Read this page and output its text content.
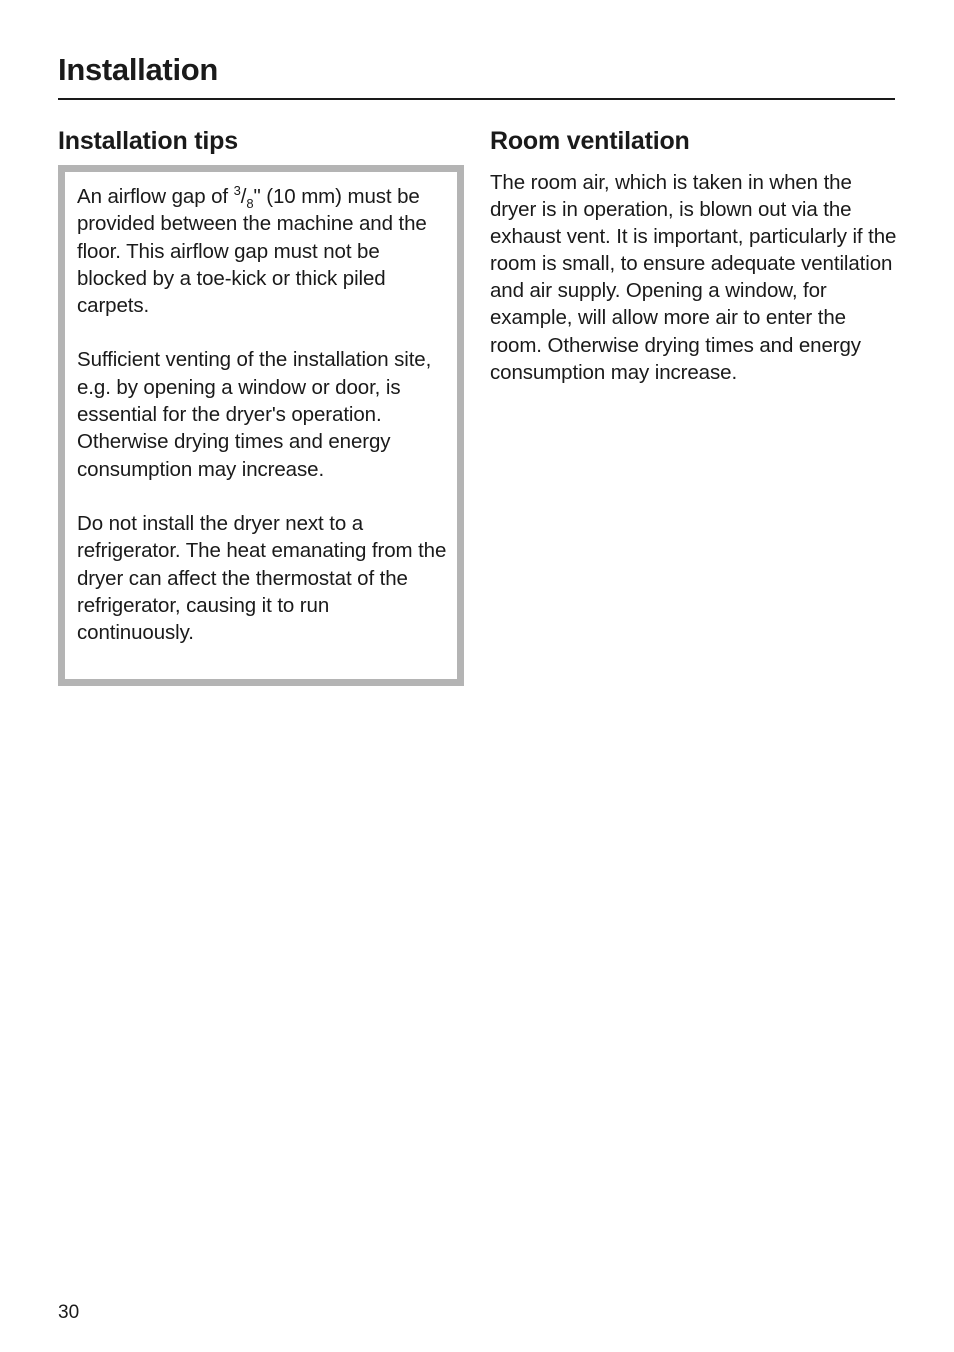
Installation
Installation tips

An airflow gap of $^3/_8$" (10 mm) must be provided between the machine and the floor. This airflow gap must not be blocked by a toe-kick or thick piled carpets.

Sufficient venting of the installation site, e.g. by opening a window or door, is essential for the dryer's operation. Otherwise drying times and energy consumption may increase.

Do not install the dryer next to a refrigerator. The heat emanating from the dryer can affect the thermostat of the refrigerator, causing it to run continuously.

Room ventilation

The room air, which is taken in when the dryer is in operation, is blown out via the exhaust vent. It is important, particularly if the room is small, to ensure adequate ventilation and air supply. Opening a window, for example, will allow more air to enter the room. Otherwise drying times and energy consumption may increase.

30
